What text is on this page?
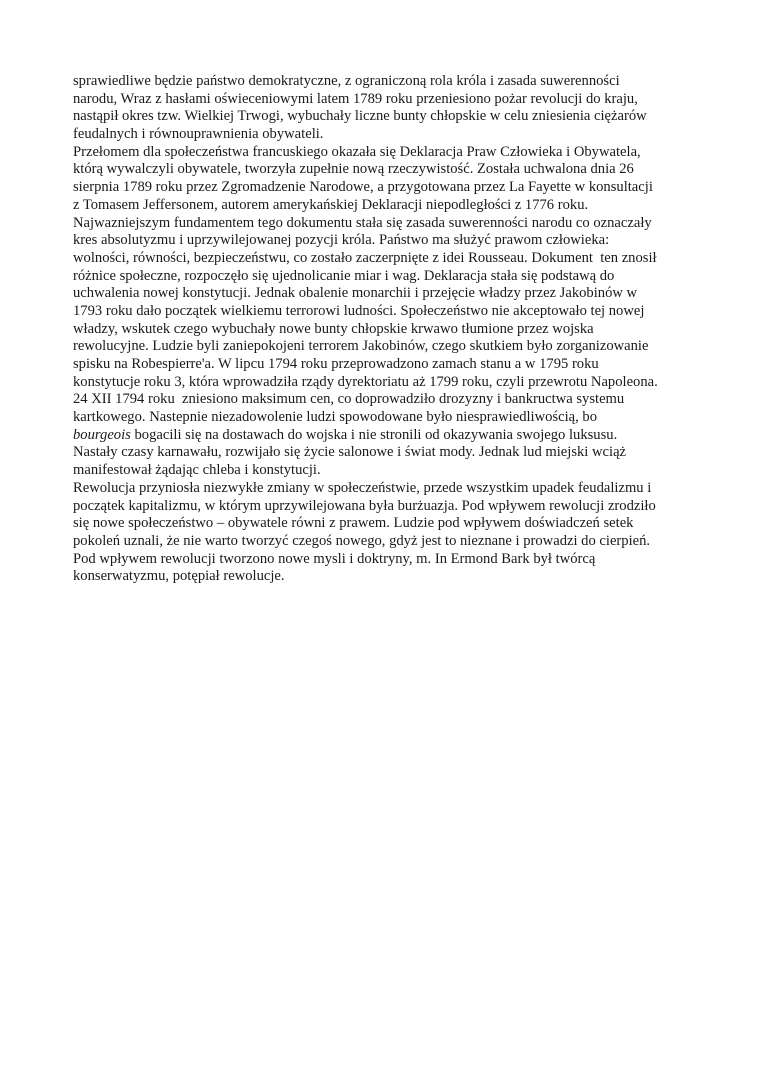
sprawiedliwe będzie państwo demokratyczne, z ograniczoną rola króla i zasada suwerenności
narodu, Wraz z hasłami oświeceniowymi latem 1789 roku przeniesiono pożar revolucji do kraju,
nastąpił okres tzw. Wielkiej Trwogi, wybuchały liczne bunty chłopskie w celu zniesienia ciężarów
feudalnych i równouprawnienia obywateli.
Przełomem dla społeczeństwa francuskiego okazała się Deklaracja Praw Człowieka i Obywatela,
którą wywalczyli obywatele, tworzyła zupełnie nową rzeczywistość. Została uchwalona dnia 26
sierpnia 1789 roku przez Zgromadzenie Narodowe, a przygotowana przez La Fayette w konsultacji
z Tomasem Jeffersonem, autorem amerykańskiej Deklaracji niepodległości z 1776 roku.
Najwazniejszym fundamentem tego dokumentu stała się zasada suwerenności narodu co oznaczały
kres absolutyzmu i uprzywilejowanej pozycji króla. Państwo ma służyć prawom człowieka:
wolności, równości, bezpieczeństwu, co zostało zaczerpnięte z idei Rousseau. Dokument  ten znosił
różnice społeczne, rozpoczęło się ujednolicanie miar i wag. Deklaracja stała się podstawą do
uchwalenia nowej konstytucji. Jednak obalenie monarchii i przejęcie władzy przez Jakobinów w
1793 roku dało początek wielkiemu terrorowi ludności. Społeczeństwo nie akceptowało tej nowej
władzy, wskutek czego wybuchały nowe bunty chłopskie krwawo tłumione przez wojska
rewolucyjne. Ludzie byli zaniepokojeni terrorem Jakobinów, czego skutkiem było zorganizowanie
spisku na Robespierre'a. W lipcu 1794 roku przeprowadzono zamach stanu a w 1795 roku
konstytucje roku 3, która wprowadziła rządy dyrektoriatu aż 1799 roku, czyli przewrotu Napoleona.
24 XII 1794 roku  zniesiono maksimum cen, co doprowadziło drozyzny i bankructwa systemu
kartkowego. Nastepnie niezadowolenie ludzi spowodowane było niesprawiedliwością, bo
bourgeois bogacili się na dostawach do wojska i nie stronili od okazywania swojego luksusu.
Nastały czasy karnawału, rozwijało się życie salonowe i świat mody. Jednak lud miejski wciąż
manifestował żądając chleba i konstytucji.
Rewolucja przyniosła niezwykłe zmiany w społeczeństwie, przede wszystkim upadek feudalizmu i
początek kapitalizmu, w którym uprzywilejowana była burżuazja. Pod wpływem rewolucji zrodziło
się nowe społeczeństwo – obywatele równi z prawem. Ludzie pod wpływem doświadczeń setek
pokoleń uznali, że nie warto tworzyć czegoś nowego, gdyż jest to nieznane i prowadzi do cierpień.
Pod wpływem rewolucji tworzono nowe mysli i doktryny, m. In Ermond Bark był twórcą
konserwatyzmu, potępiał rewolucje.
